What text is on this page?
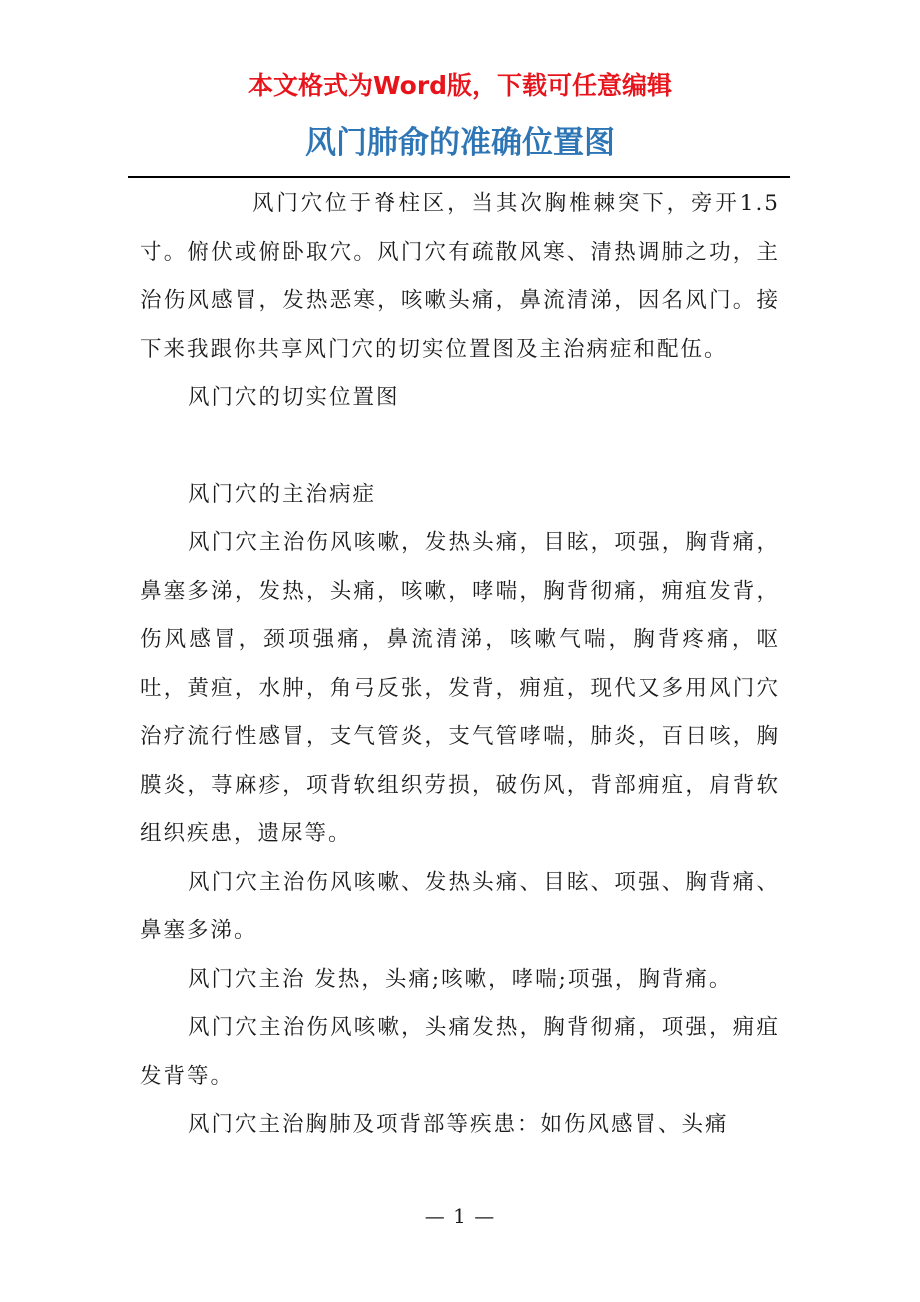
本文格式为Word版，下载可任意编辑
风门肺俞的准确位置图

风门穴位于脊柱区，当其次胸椎棘突下，旁开1.5寸。俯伏或俯卧取穴。风门穴有疏散风寒、清热调肺之功，主治伤风感冒，发热恶寒，咳嗽头痛，鼻流清涕，因名风门。接下来我跟你共享风门穴的切实位置图及主治病症和配伍。

风门穴的切实位置图

风门穴的主治病症

风门穴主治伤风咳嗽，发热头痛，目眩，项强，胸背痛，鼻塞多涕，发热，头痛，咳嗽，哮喘，胸背彻痛，痈疽发背，伤风感冒，颈项强痛，鼻流清涕，咳嗽气喘，胸背疼痛，呕吐，黄疸，水肿，角弓反张，发背，痈疽，现代又多用风门穴治疗流行性感冒，支气管炎，支气管哮喘，肺炎，百日咳，胸膜炎，荨麻疹，项背软组织劳损，破伤风，背部痈疽，肩背软组织疾患，遗尿等。

风门穴主治伤风咳嗽、发热头痛、目眩、项强、胸背痛、鼻塞多涕。

风门穴主治 发热，头痛;咳嗽，哮喘;项强，胸背痛。

风门穴主治伤风咳嗽，头痛发热，胸背彻痛，项强，痈疽发背等。

风门穴主治胸肺及项背部等疾患：如伤风感冒、头痛

— 1 —
